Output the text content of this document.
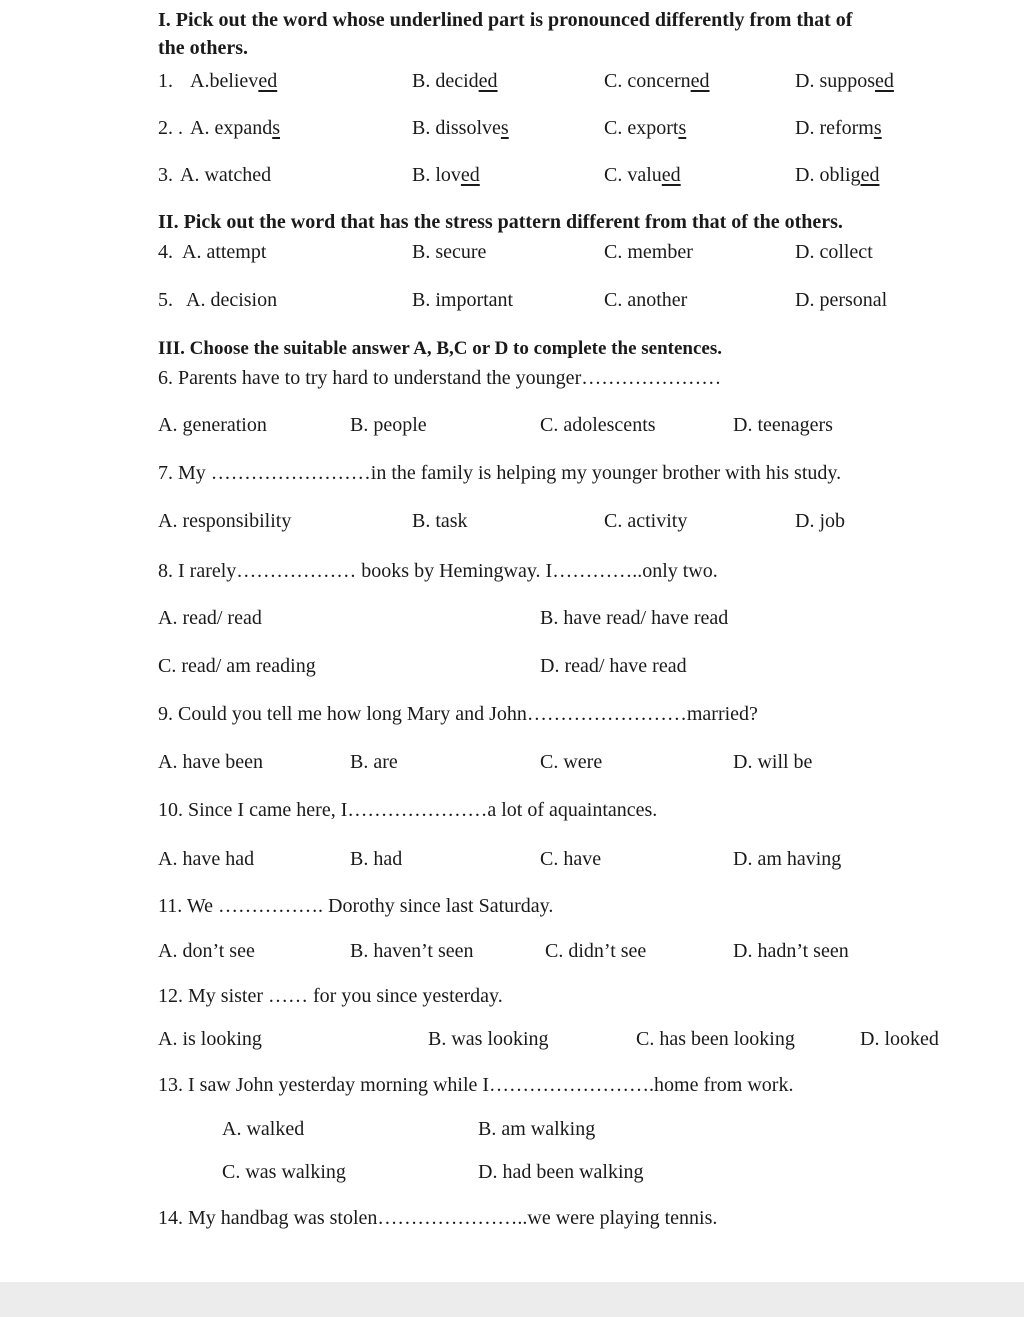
I. Pick out the word whose underlined part is pronounced differently from that of
the others.
1. A.believed	B. decided	C. concerned	D. supposed
2. . A. expands	B. dissolves	C. exports	D. reforms
3. A. watched	B. loved	C. valued	D. obliged
II. Pick out the word that has the stress pattern different from that of the others.
4. A. attempt	B. secure	C. member	D. collect
5. A. decision	B. important	C. another	D. personal
III. Choose the suitable answer A, B,C or D to complete the sentences.
6. Parents have to try hard to understand the younger…………………
A. generation	B. people	C. adolescents	D. teenagers
7. My ……………………in the family is helping my younger brother with his study.
A. responsibility	B. task	C. activity	D. job
8. I rarely……………… books by Hemingway. I…………..only two.
A. read/ read	B. have read/ have read
C. read/ am reading	D. read/ have read
9. Could you tell me how long Mary and John……………………married?
A. have been	B. are	C. were	D. will be
10. Since I came here, I…………………a lot of aquaintances.
A. have had	B. had	C. have	D. am having
11. We ……………. Dorothy since last Saturday.
A. don’t see	B. haven’t seen	C. didn’t see	D. hadn’t seen
12. My sister …… for you since yesterday.
A. is looking	B. was looking	C. has been looking	D. looked
13. I saw John yesterday morning while I…………………….home from work.
A. walked	B. am walking
C. was walking	D. had been walking
14. My handbag was stolen…………………..we were playing tennis.
